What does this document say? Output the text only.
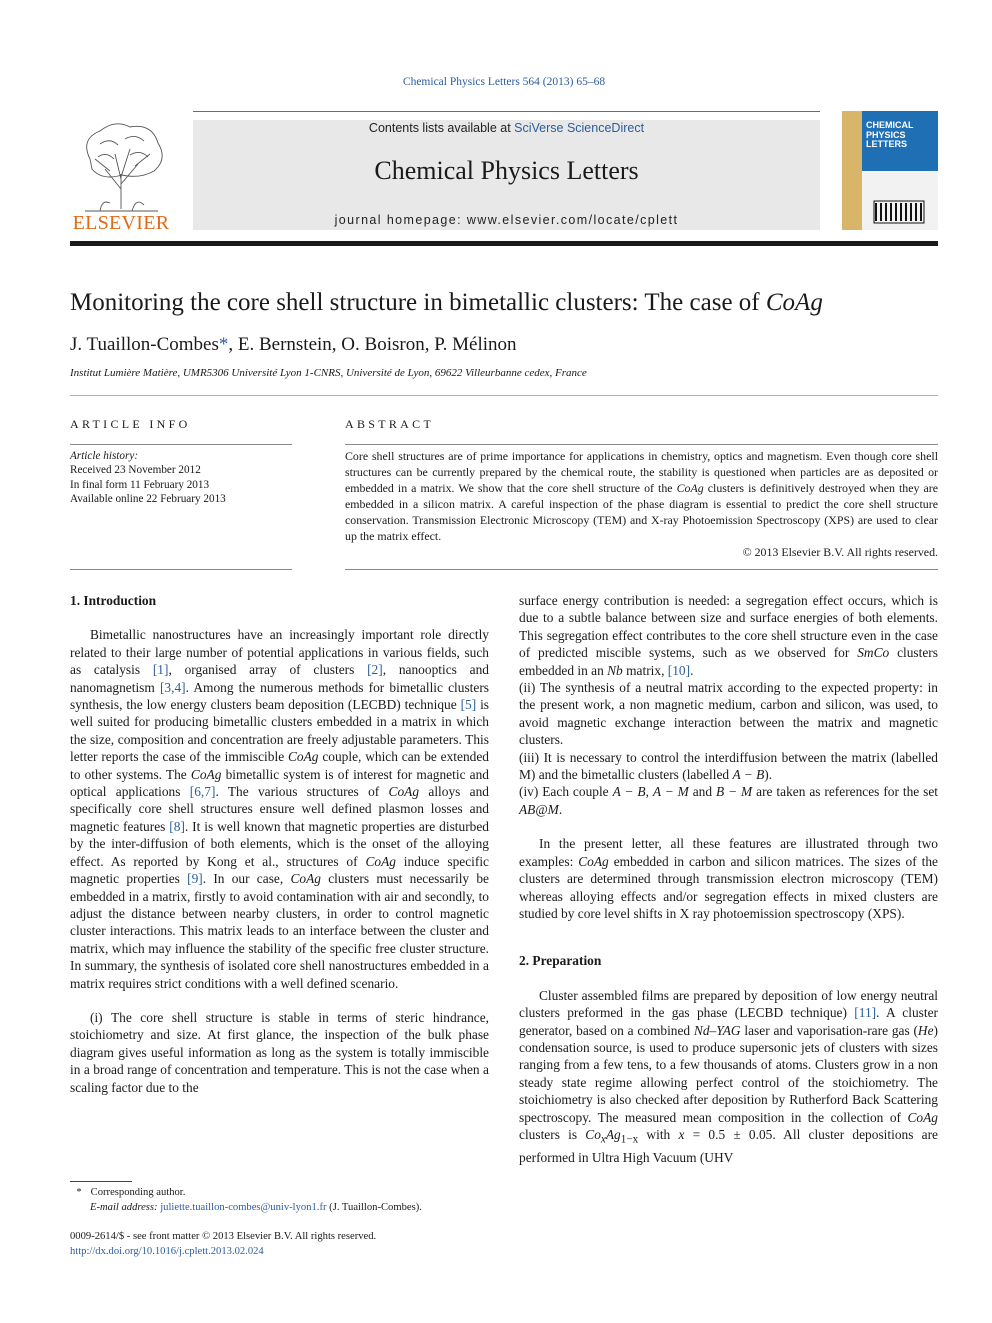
Chemical Physics Letters 564 (2013) 65–68
ELSEVIER
Contents lists available at SciVerse ScienceDirect
Chemical Physics Letters
journal homepage: www.elsevier.com/locate/cplett
CHEMICAL PHYSICS LETTERS
Monitoring the core shell structure in bimetallic clusters: The case of CoAg
J. Tuaillon-Combes*, E. Bernstein, O. Boisron, P. Mélinon
Institut Lumière Matière, UMR5306 Université Lyon 1-CNRS, Université de Lyon, 69622 Villeurbanne cedex, France
ARTICLE INFO	ABSTRACT
Article history:
Received 23 November 2012
In final form 11 February 2013
Available online 22 February 2013
Core shell structures are of prime importance for applications in chemistry, optics and magnetism. Even though core shell structures can be currently prepared by the chemical route, the stability is questioned when particles are as deposited or embedded in a matrix. We show that the core shell structure of the CoAg clusters is definitively destroyed when they are embedded in a silicon matrix. A careful inspection of the phase diagram is essential to predict the core shell structure conservation. Transmission Electronic Microscopy (TEM) and X-ray Photoemission Spectroscopy (XPS) are used to clear up the matrix effect.
© 2013 Elsevier B.V. All rights reserved.

1. Introduction

Bimetallic nanostructures have an increasingly important role directly related to their large number of potential applications in various fields, such as catalysis [1], organised array of clusters [2], nanooptics and nanomagnetism [3,4]. Among the numerous methods for bimetallic clusters synthesis, the low energy clusters beam deposition (LECBD) technique [5] is well suited for producing bimetallic clusters embedded in a matrix in which the size, composition and concentration are freely adjustable parameters. This letter reports the case of the immiscible CoAg couple, which can be extended to other systems. The CoAg bimetallic system is of interest for magnetic and optical applications [6,7]. The various structures of CoAg alloys and specifically core shell structures ensure well defined plasmon losses and magnetic features [8]. It is well known that magnetic properties are disturbed by the inter-diffusion of both elements, which is the onset of the alloying effect. As reported by Kong et al., structures of CoAg induce specific magnetic properties [9]. In our case, CoAg clusters must necessarily be embedded in a matrix, firstly to avoid contamination with air and secondly, to adjust the distance between nearby clusters, in order to control magnetic cluster interactions. This matrix leads to an interface between the cluster and matrix, which may influence the stability of the specific free cluster structure. In summary, the synthesis of isolated core shell nanostructures embedded in a matrix requires strict conditions with a well defined scenario.

(i) The core shell structure is stable in terms of steric hindrance, stoichiometry and size. At first glance, the inspection of the bulk phase diagram gives useful information as long as the system is totally immiscible in a broad range of concentration and temperature. This is not the case when a scaling factor due to the

surface energy contribution is needed: a segregation effect occurs, which is due to a subtle balance between size and surface energies of both elements. This segregation effect contributes to the core shell structure even in the case of predicted miscible systems, such as we observed for SmCo clusters embedded in an Nb matrix, [10].

(ii) The synthesis of a neutral matrix according to the expected property: in the present work, a non magnetic medium, carbon and silicon, was used, to avoid magnetic exchange interaction between the matrix and magnetic clusters.

(iii) It is necessary to control the interdiffusion between the matrix (labelled M) and the bimetallic clusters (labelled A − B).

(iv) Each couple A − B, A − M and B − M are taken as references for the set AB@M.

In the present letter, all these features are illustrated through two examples: CoAg embedded in carbon and silicon matrices. The sizes of the clusters are determined through transmission electron microscopy (TEM) whereas alloying effects and/or segregation effects in mixed clusters are studied by core level shifts in X ray photoemission spectroscopy (XPS).

2. Preparation

Cluster assembled films are prepared by deposition of low energy neutral clusters preformed in the gas phase (LECBD technique) [11]. A cluster generator, based on a combined Nd–YAG laser and vaporisation-rare gas (He) condensation source, is used to produce supersonic jets of clusters with sizes ranging from a few tens, to a few thousands of atoms. Clusters grow in a non steady state regime allowing perfect control of the stoichiometry. The stoichiometry is also checked after deposition by Rutherford Back Scattering spectroscopy. The measured mean composition in the collection of CoAg clusters is $Co_xAg_{1-x}$ with x = 0.5 ± 0.05. All cluster depositions are performed in Ultra High Vacuum (UHV

* Corresponding author.
E-mail address: juliette.tuaillon-combes@univ-lyon1.fr (J. Tuaillon-Combes).
0009-2614/$ - see front matter © 2013 Elsevier B.V. All rights reserved.
http://dx.doi.org/10.1016/j.cplett.2013.02.024
